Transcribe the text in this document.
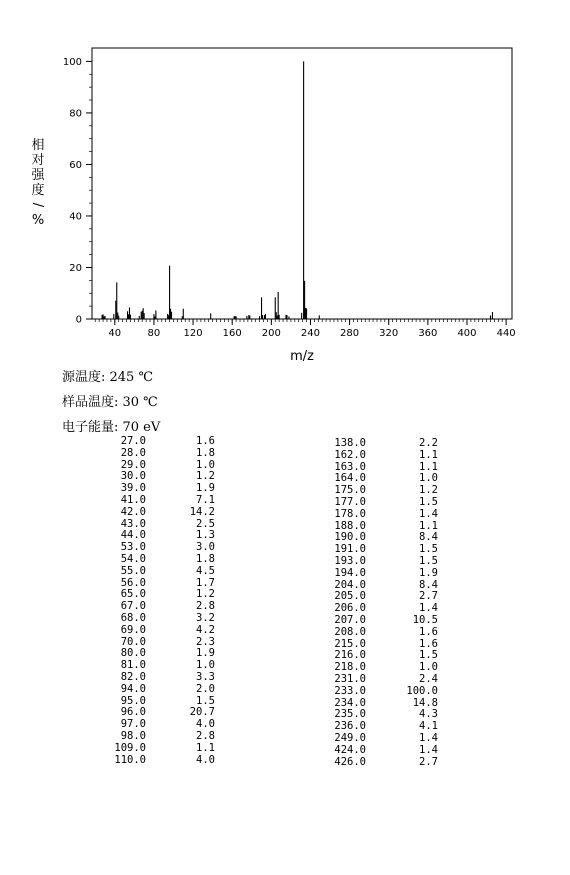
40	80 120 160 200 240 280 320 360 400 440
0
20
40
60
80
100
相
对
强
度
/
%
m/z
源温度: 245 ℃
样品温度: 30 ℃
电子能量: 70 eV
27.0	1.6
28.0	1.8
29.0	1.0
30.0	1.2
39.0	1.9
41.0	7.1
42.0	14.2
43.0	2.5
44.0	1.3
53.0	3.0
54.0	1.8
55.0	4.5
56.0	1.7
65.0	1.2
67.0	2.8
68.0	3.2
69.0	4.2
70.0	2.3
80.0	1.9
81.0	1.0
82.0	3.3
94.0	2.0
95.0	1.5
96.0	20.7
97.0	4.0
98.0	2.8
109.0	1.1
110.0	4.0
138.0	2.2
162.0	1.1
163.0	1.1
164.0	1.0
175.0	1.2
177.0	1.5
178.0	1.4
188.0	1.1
190.0	8.4
191.0	1.5
193.0	1.5
194.0	1.9
204.0	8.4
205.0	2.7
206.0	1.4
207.0	10.5
208.0	1.6
215.0	1.6
216.0	1.5
218.0	1.0
231.0	2.4
233.0	100.0
234.0	14.8
235.0	4.3
236.0	4.1
249.0	1.4
424.0	1.4
426.0	2.7
